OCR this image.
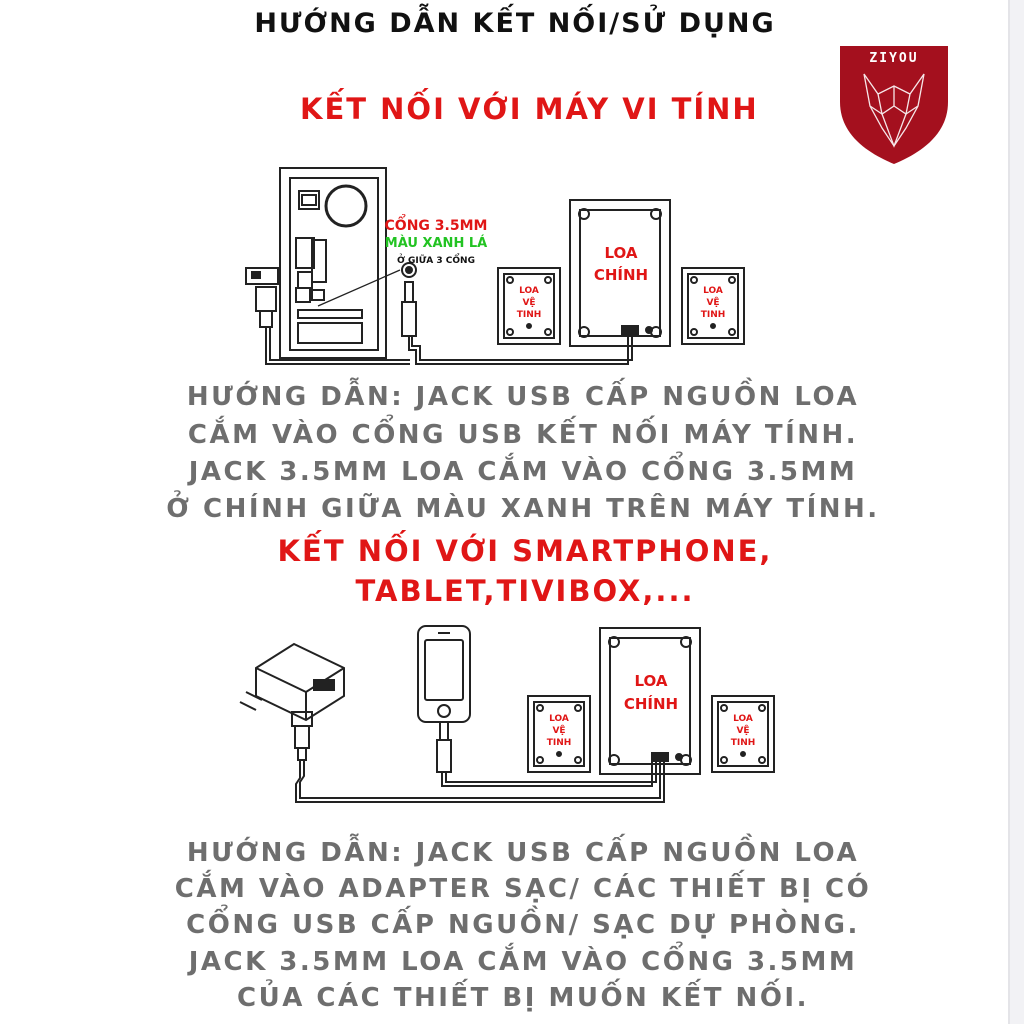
HƯỚNG DẪN KẾT NỐI/SỬ DỤNG
ZIYOU
KẾT NỐI VỚI MÁY VI TÍNH
CỔNG 3.5MM
MÀU XANH LÁ
Ở GIỮA 3 CỔNG	LOA
CHÍNH
LOA
VỆ
TINH
LOA
VỆ
TINH
HƯỚNG DẪN: JACK USB CẤP NGUỒN LOA
CẮM VÀO CỔNG USB KẾT NỐI MÁY TÍNH.
JACK 3.5MM LOA CẮM VÀO CỔNG 3.5MM
Ở CHÍNH GIỮA MÀU XANH TRÊN MÁY TÍNH.
KẾT NỐI VỚI SMARTPHONE,
TABLET,TIVIBOX,...
LOA
CHÍNH
LOA
VỆ
TINH
LOA
VỆ
TINH
HƯỚNG DẪN: JACK USB CẤP NGUỒN LOA
CẮM VÀO ADAPTER SẠC/ CÁC THIẾT BỊ CÓ
CỔNG USB CẤP NGUỒN/ SẠC DỰ PHÒNG.
JACK 3.5MM LOA CẮM VÀO CỔNG 3.5MM
CỦA CÁC THIẾT BỊ MUỐN KẾT NỐI.
